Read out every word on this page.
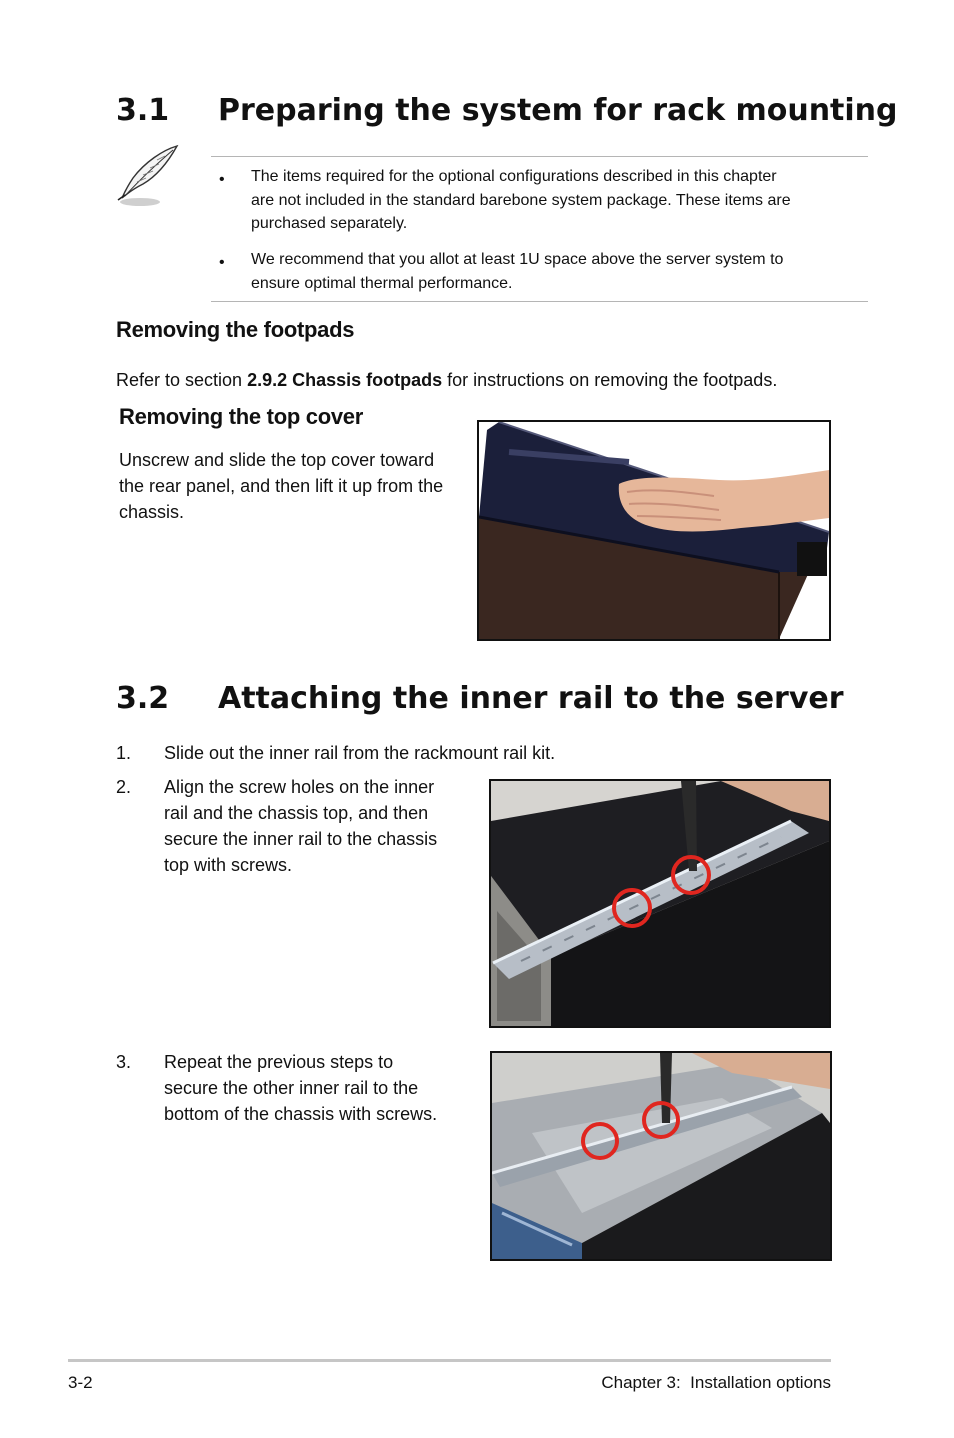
3.1 Preparing the system for rack mounting
• The items required for the optional configurations described in this chapter
are not included in the standard barebone system package. These items are
purchased separately.
• We recommend that you allot at least 1U space above the server system to
ensure optimal thermal performance.
Removing the footpads
Refer to section 2.9.2 Chassis footpads for instructions on removing the footpads.
Removing the top cover
Unscrew and slide the top cover toward
the rear panel, and then lift it up from the
chassis.
3.2 Attaching the inner rail to the server
1. Slide out the inner rail from the rackmount rail kit.
2. Align the screw holes on the inner
rail and the chassis top, and then
secure the inner rail to the chassis
top with screws.
3. Repeat the previous steps to
secure the other inner rail to the
bottom of the chassis with screws.
3-2	Chapter 3:  Installation options
